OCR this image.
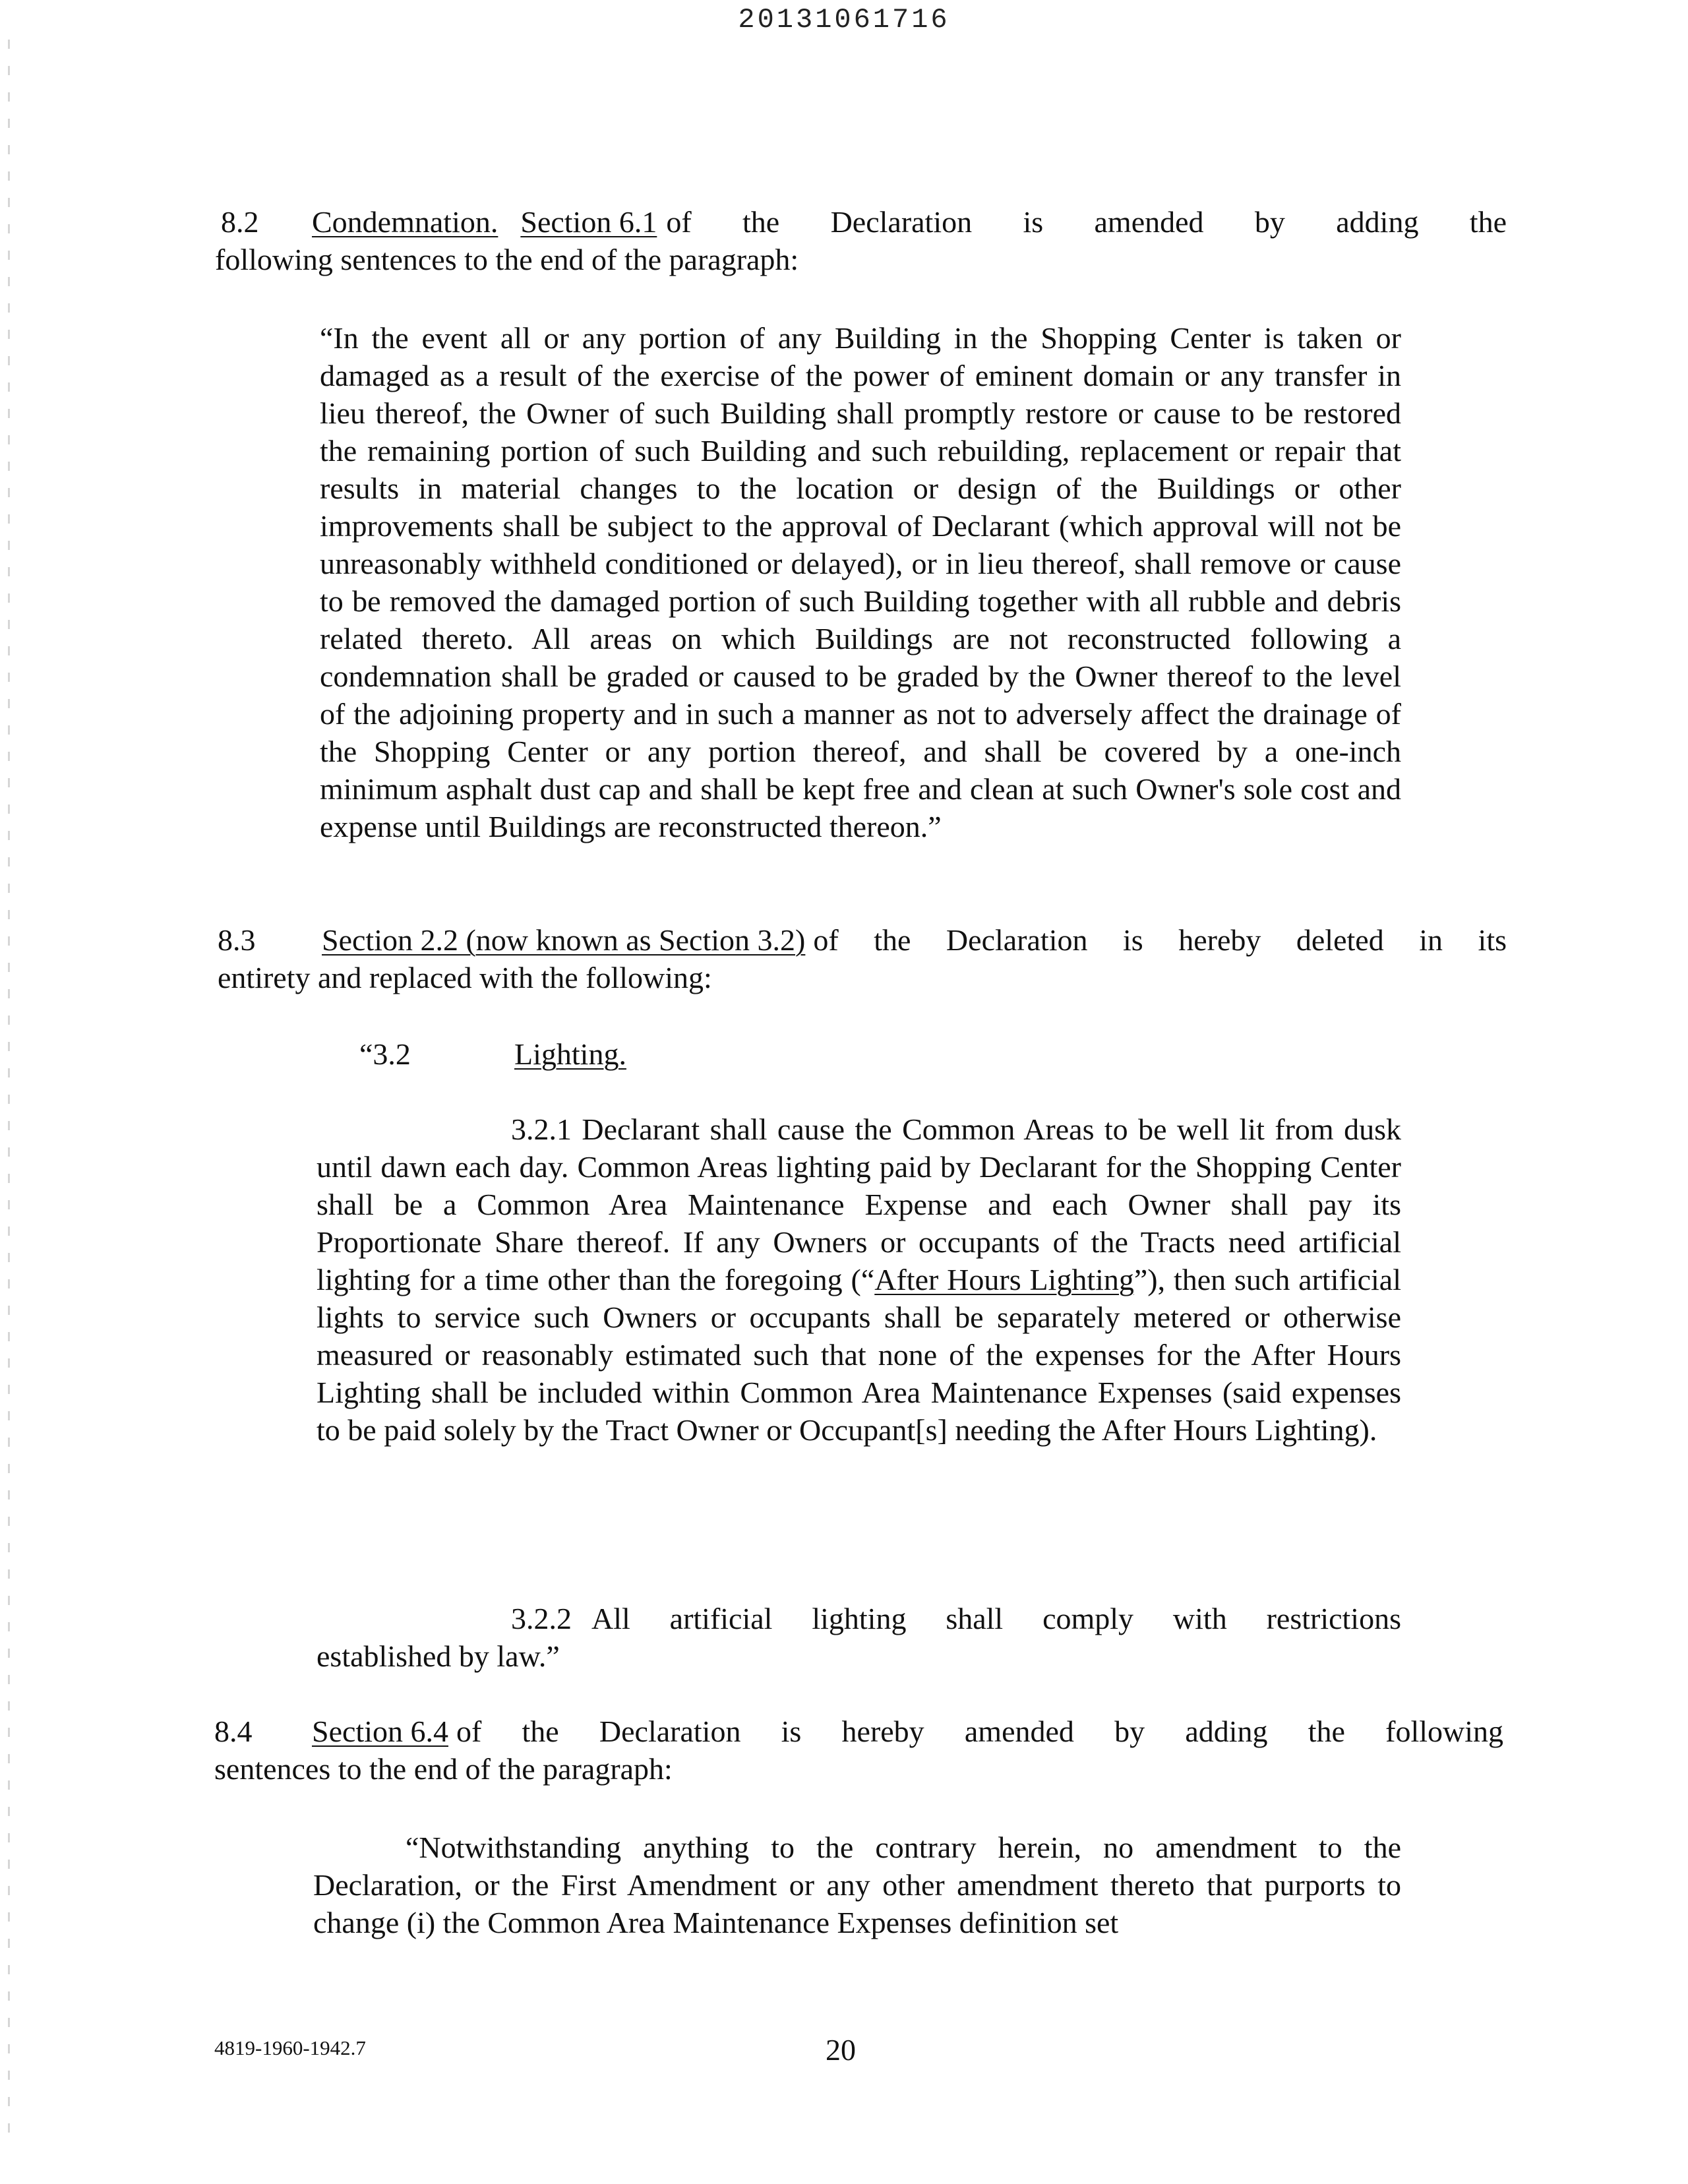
20131061716

8.2	Condemnation. Section 6.1 of the Declaration is amended by adding the

following sentences to the end of the paragraph:

“In the event all or any portion of any Building in the Shopping Center is taken or damaged as a result of the exercise of the power of eminent domain or any transfer in lieu thereof, the Owner of such Building shall promptly restore or cause to be restored the remaining portion of such Building and such rebuilding, replacement or repair that results in material changes to the location or design of the Buildings or other improvements shall be subject to the approval of Declarant (which approval will not be unreasonably withheld conditioned or delayed), or in lieu thereof, shall remove or cause to be removed the damaged portion of such Building together with all rubble and debris related thereto. All areas on which Buildings are not reconstructed following a condemnation shall be graded or caused to be graded by the Owner thereof to the level of the adjoining property and in such a manner as not to adversely affect the drainage of the Shopping Center or any portion thereof, and shall be covered by a one-inch minimum asphalt dust cap and shall be kept free and clean at such Owner's sole cost and expense until Buildings are reconstructed thereon.”

8.3	Section 2.2 (now known as Section 3.2) of the Declaration is hereby deleted in its

entirety and replaced with the following:

“3.2	Lighting.

3.2.1 Declarant shall cause the Common Areas to be well lit from dusk until dawn each day. Common Areas lighting paid by Declarant for the Shopping Center shall be a Common Area Maintenance Expense and each Owner shall pay its Proportionate Share thereof. If any Owners or occupants of the Tracts need artificial lighting for a time other than the foregoing (“After Hours Lighting”), then such artificial lights to service such Owners or occupants shall be separately metered or otherwise measured or reasonably estimated such that none of the expenses for the After Hours Lighting shall be included within Common Area Maintenance Expenses (said expenses to be paid solely by the Tract Owner or Occupant[s] needing the After Hours Lighting).

3.2.2 All artificial lighting shall comply with restrictions

established by law.”

8.4	Section 6.4 of the Declaration is hereby amended by adding the following

sentences to the end of the paragraph:

“Notwithstanding anything to the contrary herein, no amendment to the Declaration, or the First Amendment or any other amendment thereto that purports to change (i) the Common Area Maintenance Expenses definition set

4819-1960-1942.7	20
